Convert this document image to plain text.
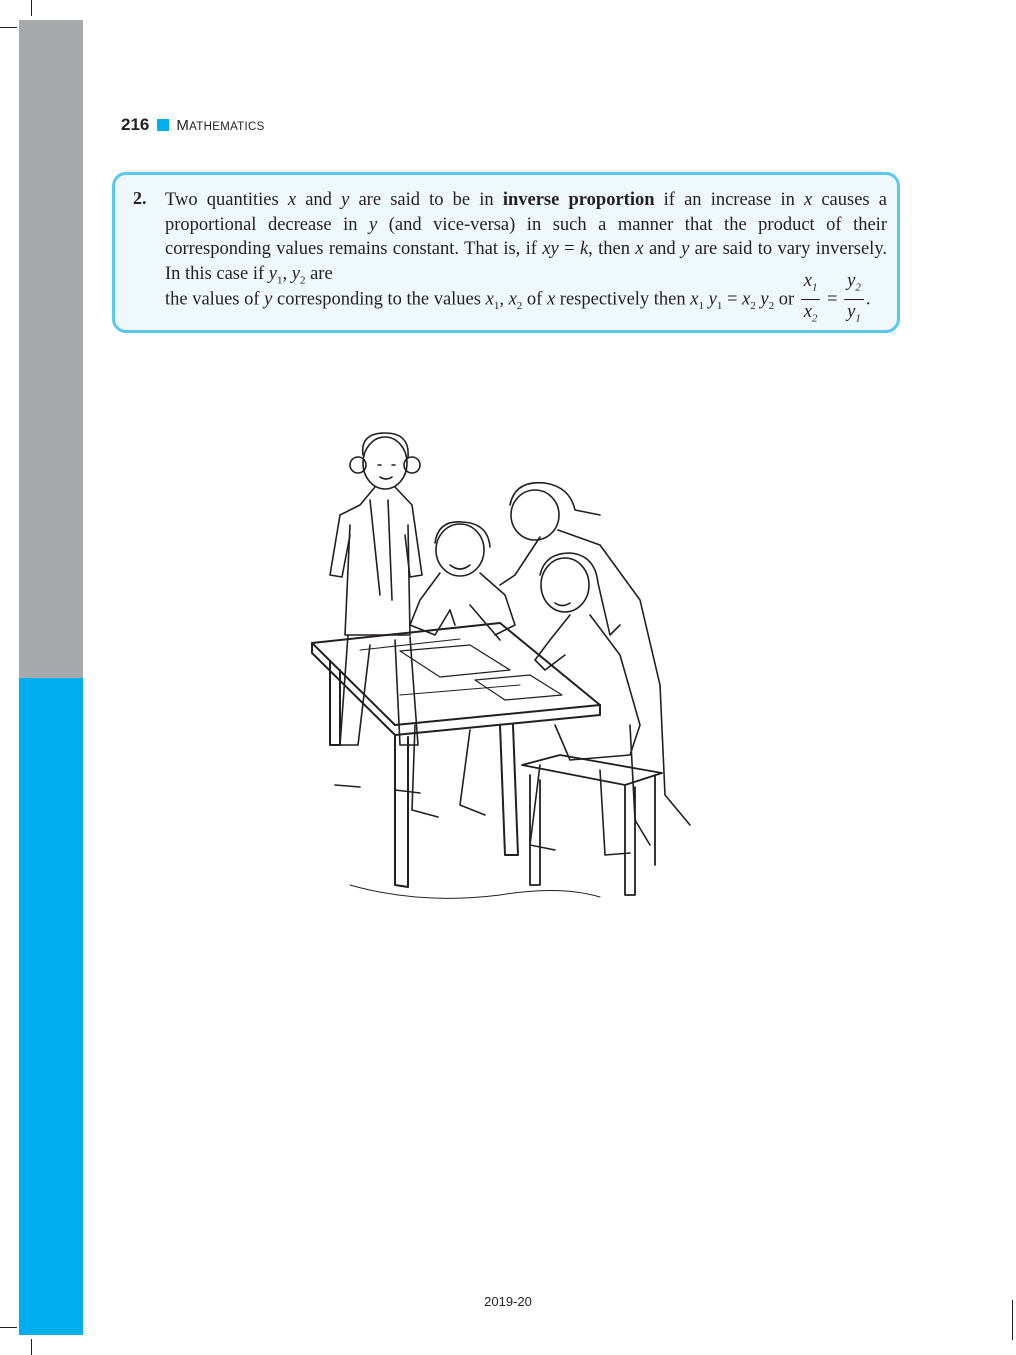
216 MATHEMATICS
2. Two quantities x and y are said to be in inverse proportion if an increase in x causes a proportional decrease in y (and vice-versa) in such a manner that the product of their corresponding values remains constant. That is, if xy = k, then x and y are said to vary inversely. In this case if $y_1$, $y_2$ are
the values of y corresponding to the values $x_1$, $x_2$ of x respectively then $x_1$ $y_1 = x_2$ $y_2$ or $\frac{x_1}{x_2} = \frac{y_2}{y_1}$ .
2019-20
